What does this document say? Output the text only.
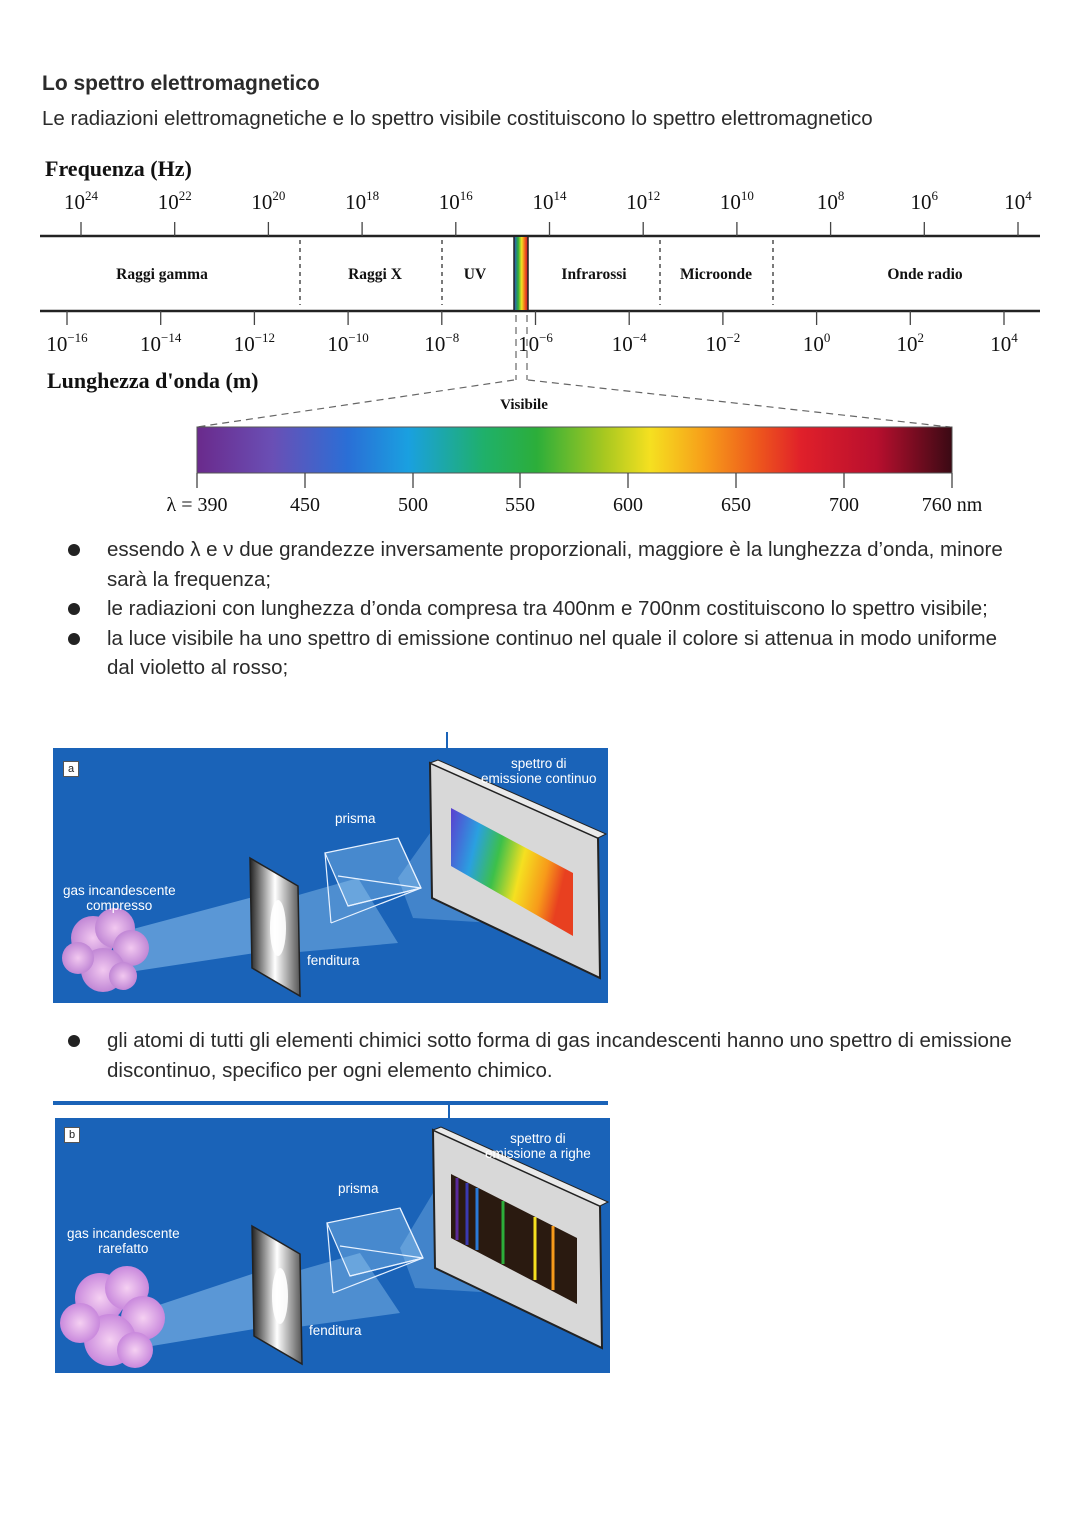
Lo spettro elettromagnetico
Le radiazioni elettromagnetiche e lo spettro visibile costituiscono lo spettro elettromagnetico
Frequenza (Hz)
$10^{24}$	$10^{22}$	$10^{20}$	$10^{18}$	$10^{16}$	$10^{14}$	$10^{12}$	$10^{10}$	$10^8$	$10^6$	$10^4$
Raggi gamma	Raggi X	UV	Infrarossi	Microonde	Onde radio
$10^{-16}$ $10^{-14}$ $10^{-12}$ $10^{-10}$	$10^{-8}$	$10^{-6}$	$10^{-4}$	$10^{-2}$	$10^0$	$10^2$	$10^4$
Lunghezza d'onda (m)
Visibile
λ = 390	450	500	550	600	650	700	760 nm
essendo λ e ν due grandezze inversamente proporzionali, maggiore è la lunghezza d’onda, minore sarà la frequenza;
le radiazioni con lunghezza d’onda compresa tra 400nm e 700nm costituiscono lo spettro visibile;
la luce visibile ha uno spettro di emissione continuo nel quale il colore si attenua in modo uniforme dal violetto al rosso;
a
gas incandescente
compresso
prisma
fenditura
spettro di
emissione continuo
gli atomi di tutti gli elementi chimici sotto forma di gas incandescenti hanno uno spettro di emissione discontinuo, specifico per ogni elemento chimico.
b
gas incandescente
rarefatto
prisma
fenditura
spettro di
emissione a righe
